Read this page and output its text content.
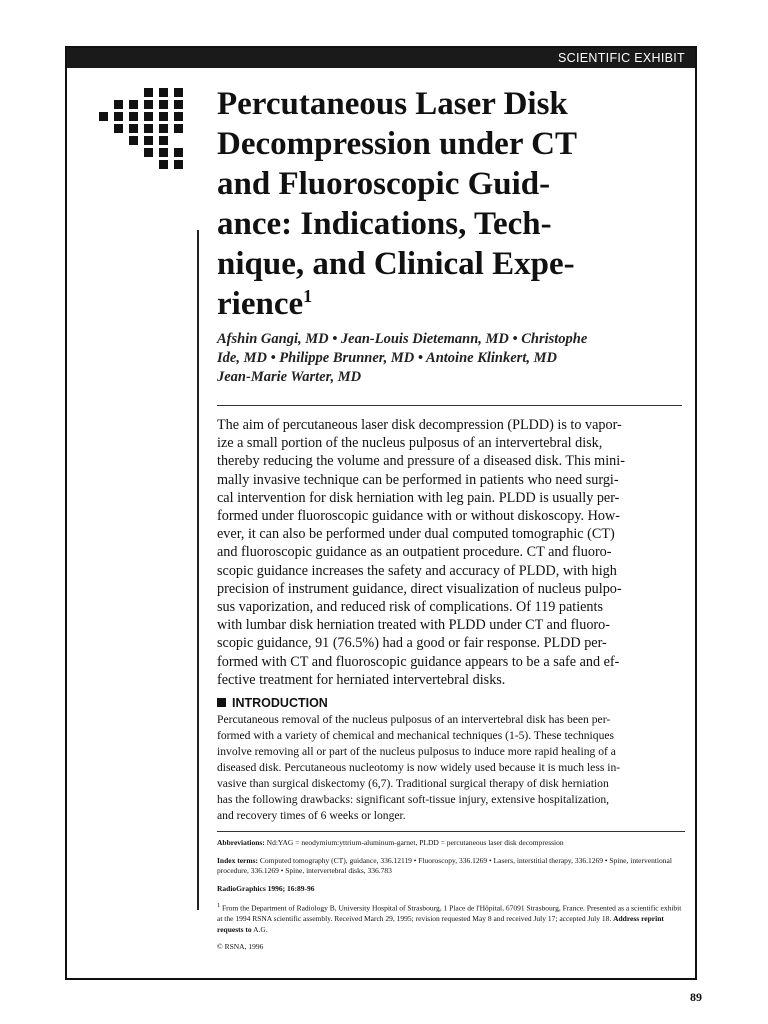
SCIENTIFIC EXHIBIT
Percutaneous Laser Disk
Decompression under CT
and Fluoroscopic Guid-
ance: Indications, Tech-
nique, and Clinical Expe-
rience$^1$
Afshin Gangi, MD • Jean-Louis Dietemann, MD • Christophe
Ide, MD • Philippe Brunner, MD • Antoine Klinkert, MD
Jean-Marie Warter, MD

The aim of percutaneous laser disk decompression (PLDD) is to vapor-
ize a small portion of the nucleus pulposus of an intervertebral disk,
thereby reducing the volume and pressure of a diseased disk. This mini-
mally invasive technique can be performed in patients who need surgi-
cal intervention for disk herniation with leg pain. PLDD is usually per-
formed under fluoroscopic guidance with or without diskoscopy. How-
ever, it can also be performed under dual computed tomographic (CT)
and fluoroscopic guidance as an outpatient procedure. CT and fluoro-
scopic guidance increases the safety and accuracy of PLDD, with high
precision of instrument guidance, direct visualization of nucleus pulpo-
sus vaporization, and reduced risk of complications. Of 119 patients
with lumbar disk herniation treated with PLDD under CT and fluoro-
scopic guidance, 91 (76.5%) had a good or fair response. PLDD per-
formed with CT and fluoroscopic guidance appears to be a safe and ef-
fective treatment for herniated intervertebral disks.

INTRODUCTION

Percutaneous removal of the nucleus pulposus of an intervertebral disk has been per-
formed with a variety of chemical and mechanical techniques (1-5). These techniques
involve removing all or part of the nucleus pulposus to induce more rapid healing of a
diseased disk. Percutaneous nucleotomy is now widely used because it is much less in-
vasive than surgical diskectomy (6,7). Traditional surgical therapy of disk herniation
has the following drawbacks: significant soft-tissue injury, extensive hospitalization,
and recovery times of 6 weeks or longer.

Abbreviations: Nd:YAG = neodymium:yttrium-aluminum-garnet, PLDD = percutaneous laser disk decompression

Index terms: Computed tomography (CT), guidance, 336.12119 • Fluoroscopy, 336.1269 • Lasers, interstitial therapy, 336.1269 • Spine, interventional procedure, 336.1269 • Spine, intervertebral disks, 336.783

RadioGraphics 1996; 16:89-96

$^1$ From the Department of Radiology B, University Hospital of Strasbourg, 1 Place de l'Hôpital, 67091 Strasbourg, France. Presented as a scientific exhibit at the 1994 RSNA scientific assembly. Received March 29, 1995; revision requested May 8 and received July 17; accepted July 18. Address reprint requests to A.G.

© RSNA, 1996

89
